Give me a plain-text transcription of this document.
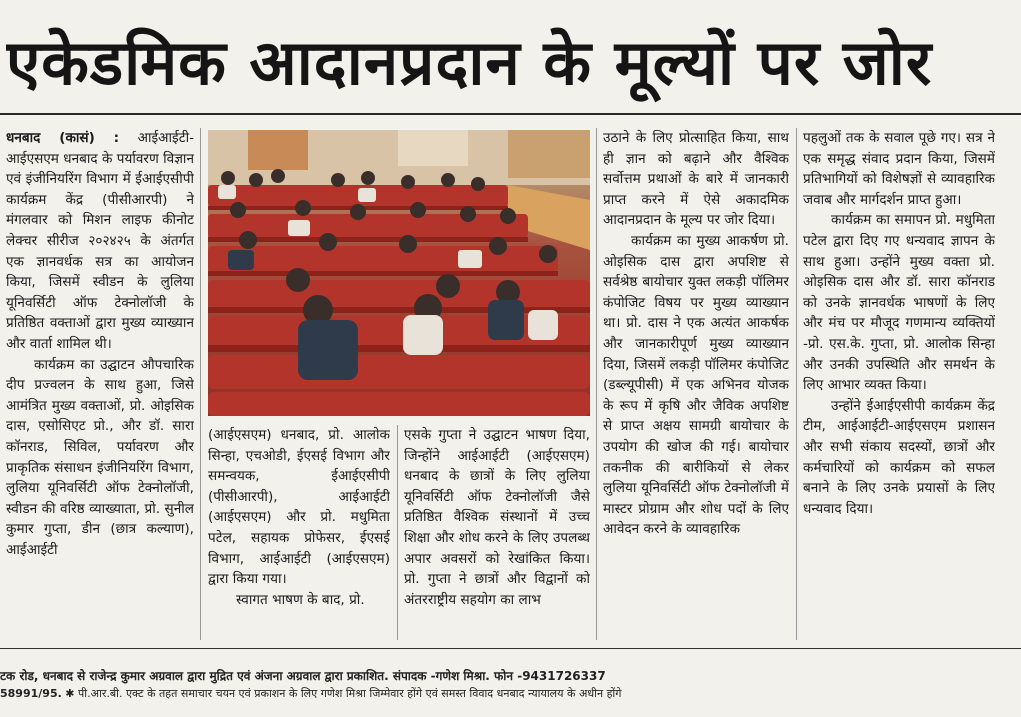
एकेडमिक आदानप्रदान के मूल्यों पर जोर

धनबाद (कासं) : आईआईटी-आईएसएम धनबाद के पर्यावरण विज्ञान एवं इंजीनियरिंग विभाग में ईआईएसीपी कार्यक्रम केंद्र (पीसीआरपी) ने मंगलवार को मिशन लाइफ कीनोट लेक्चर सीरीज २०२४२५ के अंतर्गत एक ज्ञानवर्धक सत्र का आयोजन किया, जिसमें स्वीडन के लुलिया यूनिवर्सिटी ऑफ टेक्नोलॉजी के प्रतिष्ठित वक्ताओं द्वारा मुख्य व्याख्यान और वार्ता शामिल थी।

कार्यक्रम का उद्घाटन औपचारिक दीप प्रज्वलन के साथ हुआ, जिसे आमंत्रित मुख्य वक्ताओं, प्रो. ओइसिक दास, एसोसिएट प्रो., और डॉ. सारा कॉनराड, सिविल, पर्यावरण और प्राकृतिक संसाधन इंजीनियरिंग विभाग, लुलिया यूनिवर्सिटी ऑफ टेक्नोलॉजी, स्वीडन की वरिष्ठ व्याख्याता, प्रो. सुनील कुमार गुप्ता, डीन (छात्र कल्याण), आईआईटी

(आईएसएम) धनबाद, प्रो. आलोक सिन्हा, एचओडी, ईएसई विभाग और समन्वयक, ईआईएसीपी (पीसीआरपी), आईआईटी (आईएसएम) और प्रो. मधुमिता पटेल, सहायक प्रोफेसर, ईएसई विभाग, आईआईटी (आईएसएम) द्वारा किया गया।

स्वागत भाषण के बाद, प्रो.

एसके गुप्ता ने उद्घाटन भाषण दिया, जिन्होंने आईआईटी (आईएसएम) धनबाद के छात्रों के लिए लुलिया यूनिवर्सिटी ऑफ टेक्नोलॉजी जैसे प्रतिष्ठित वैश्विक संस्थानों में उच्च शिक्षा और शोध करने के लिए उपलब्ध अपार अवसरों को रेखांकित किया। प्रो. गुप्ता ने छात्रों और विद्वानों को अंतरराष्ट्रीय सहयोग का लाभ

उठाने के लिए प्रोत्साहित किया, साथ ही ज्ञान को बढ़ाने और वैश्विक सर्वोत्तम प्रथाओं के बारे में जानकारी प्राप्त करने में ऐसे अकादमिक आदानप्रदान के मूल्य पर जोर दिया।

कार्यक्रम का मुख्य आकर्षण प्रो. ओइसिक दास द्वारा अपशिष्ट से सर्वश्रेष्ठ बायोचार युक्त लकड़ी पॉलिमर कंपोजिट विषय पर मुख्य व्याख्यान था। प्रो. दास ने एक अत्यंत आकर्षक और जानकारीपूर्ण मुख्य व्याख्यान दिया, जिसमें लकड़ी पॉलिमर कंपोजिट (डब्ल्यूपीसी) में एक अभिनव योजक के रूप में कृषि और जैविक अपशिष्ट से प्राप्त अक्षय सामग्री बायोचार के उपयोग की खोज की गई। बायोचार तकनीक की बारीकियों से लेकर लुलिया यूनिवर्सिटी ऑफ टेक्नोलॉजी में मास्टर प्रोग्राम और शोध पदों के लिए आवेदन करने के व्यावहारिक

पहलुओं तक के सवाल पूछे गए। सत्र ने एक समृद्ध संवाद प्रदान किया, जिसमें प्रतिभागियों को विशेषज्ञों से व्यावहारिक जवाब और मार्गदर्शन प्राप्त हुआ।

कार्यक्रम का समापन प्रो. मधुमिता पटेल द्वारा दिए गए धन्यवाद ज्ञापन के साथ हुआ। उन्होंने मुख्य वक्ता प्रो. ओइसिक दास और डॉ. सारा कॉनराड को उनके ज्ञानवर्धक भाषणों के लिए और मंच पर मौजूद गणमान्य व्यक्तियों -प्रो. एस.के. गुप्ता, प्रो. आलोक सिन्हा और उनकी उपस्थिति और समर्थन के लिए आभार व्यक्त किया।

उन्होंने ईआईएसीपी कार्यक्रम केंद्र टीम, आईआईटी-आईएसएम प्रशासन और सभी संकाय सदस्यों, छात्रों और कर्मचारियों को कार्यक्रम को सफल बनाने के लिए उनके प्रयासों के लिए धन्यवाद दिया।

टक रोड, धनबाद से राजेन्द्र कुमार अग्रवाल द्वारा मुद्रित एवं अंजना अग्रवाल द्वारा प्रकाशित. संपादक -गणेश मिश्रा. फोन -9431726337
58991/95. ✱ पी.आर.बी. एक्ट के तहत समाचार चयन एवं प्रकाशन के लिए गणेश मिश्रा जिम्मेवार होंगे एवं समस्त विवाद धनबाद न्यायालय के अधीन होंगे
